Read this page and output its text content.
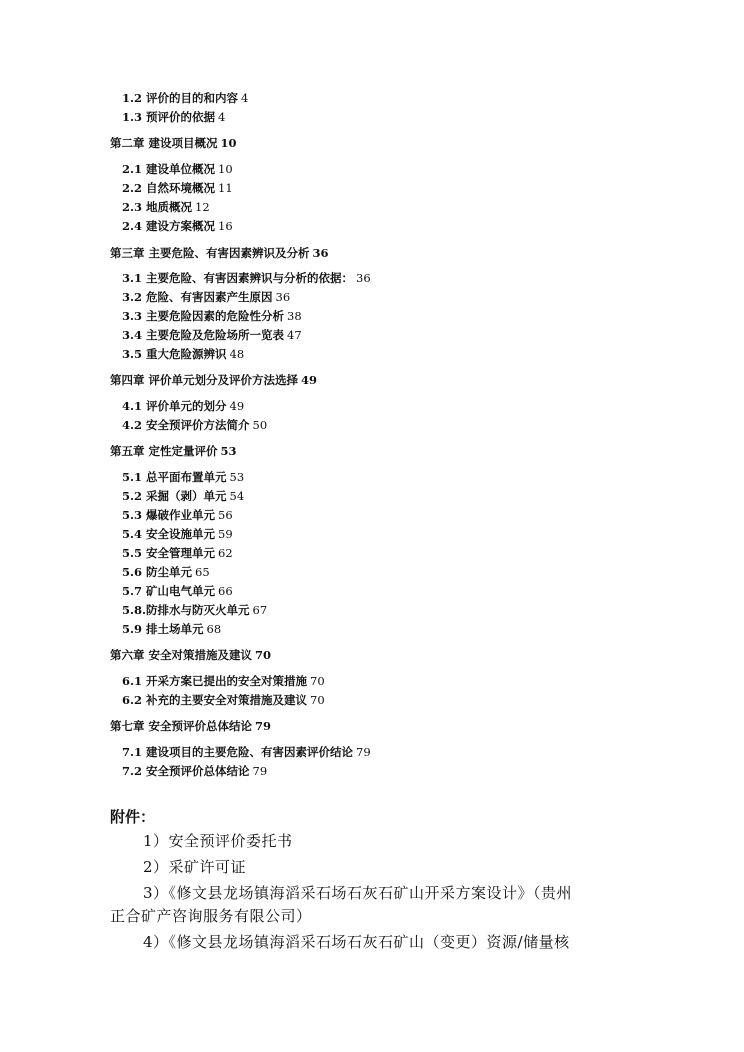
1.2 评价的目的和内容 4
1.3 预评价的依据 4
第二章 建设项目概况 10
2.1 建设单位概况 10
2.2 自然环境概况 11
2.3 地质概况 12
2.4 建设方案概况 16
第三章 主要危险、有害因素辨识及分析 36
3.1 主要危险、有害因素辨识与分析的依据： 36
3.2 危险、有害因素产生原因 36
3.3 主要危险因素的危险性分析 38
3.4 主要危险及危险场所一览表 47
3.5 重大危险源辨识 48
第四章 评价单元划分及评价方法选择 49
4.1 评价单元的划分 49
4.2 安全预评价方法简介 50
第五章 定性定量评价 53
5.1 总平面布置单元 53
5.2 采掘（剥）单元 54
5.3 爆破作业单元 56
5.4 安全设施单元 59
5.5 安全管理单元 62
5.6 防尘单元 65
5.7 矿山电气单元 66
5.8.防排水与防灭火单元 67
5.9 排土场单元 68
第六章 安全对策措施及建议 70
6.1 开采方案已提出的安全对策措施 70
6.2 补充的主要安全对策措施及建议 70
第七章 安全预评价总体结论 79
7.1 建设项目的主要危险、有害因素评价结论 79
7.2 安全预评价总体结论 79
附件：
1）安全预评价委托书
2）采矿许可证
3）《修文县龙场镇海滔采石场石灰石矿山开采方案设计》（贵州
正合矿产咨询服务有限公司）
4）《修文县龙场镇海滔采石场石灰石矿山（变更）资源/储量核
